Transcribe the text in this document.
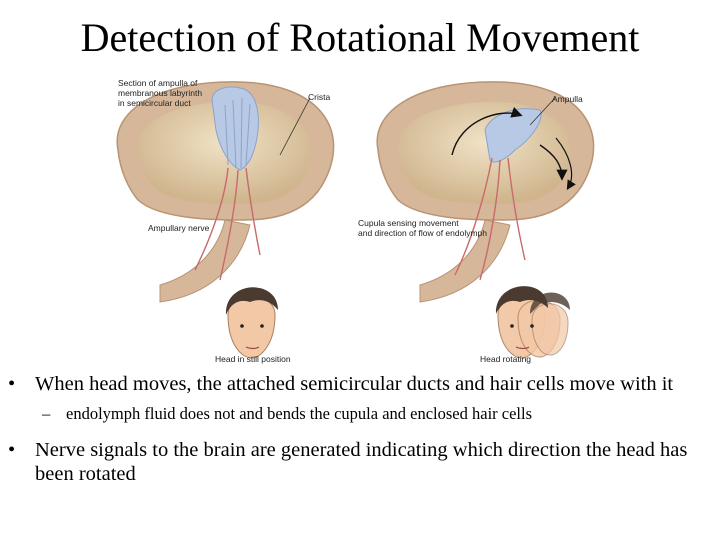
Detection of Rotational Movement
Section of ampulla of
membranous labyrinth
in semicircular duct
Crista	Ampulla
Ampullary nerve	Cupula sensing movement
and direction of flow of endolymph
Head in still position	Head rotating

• When head moves, the attached semicircular ducts and hair cells move with it

– endolymph fluid does not and bends the cupula and enclosed hair cells

• Nerve signals to the brain are generated indicating which direction the head has been rotated
